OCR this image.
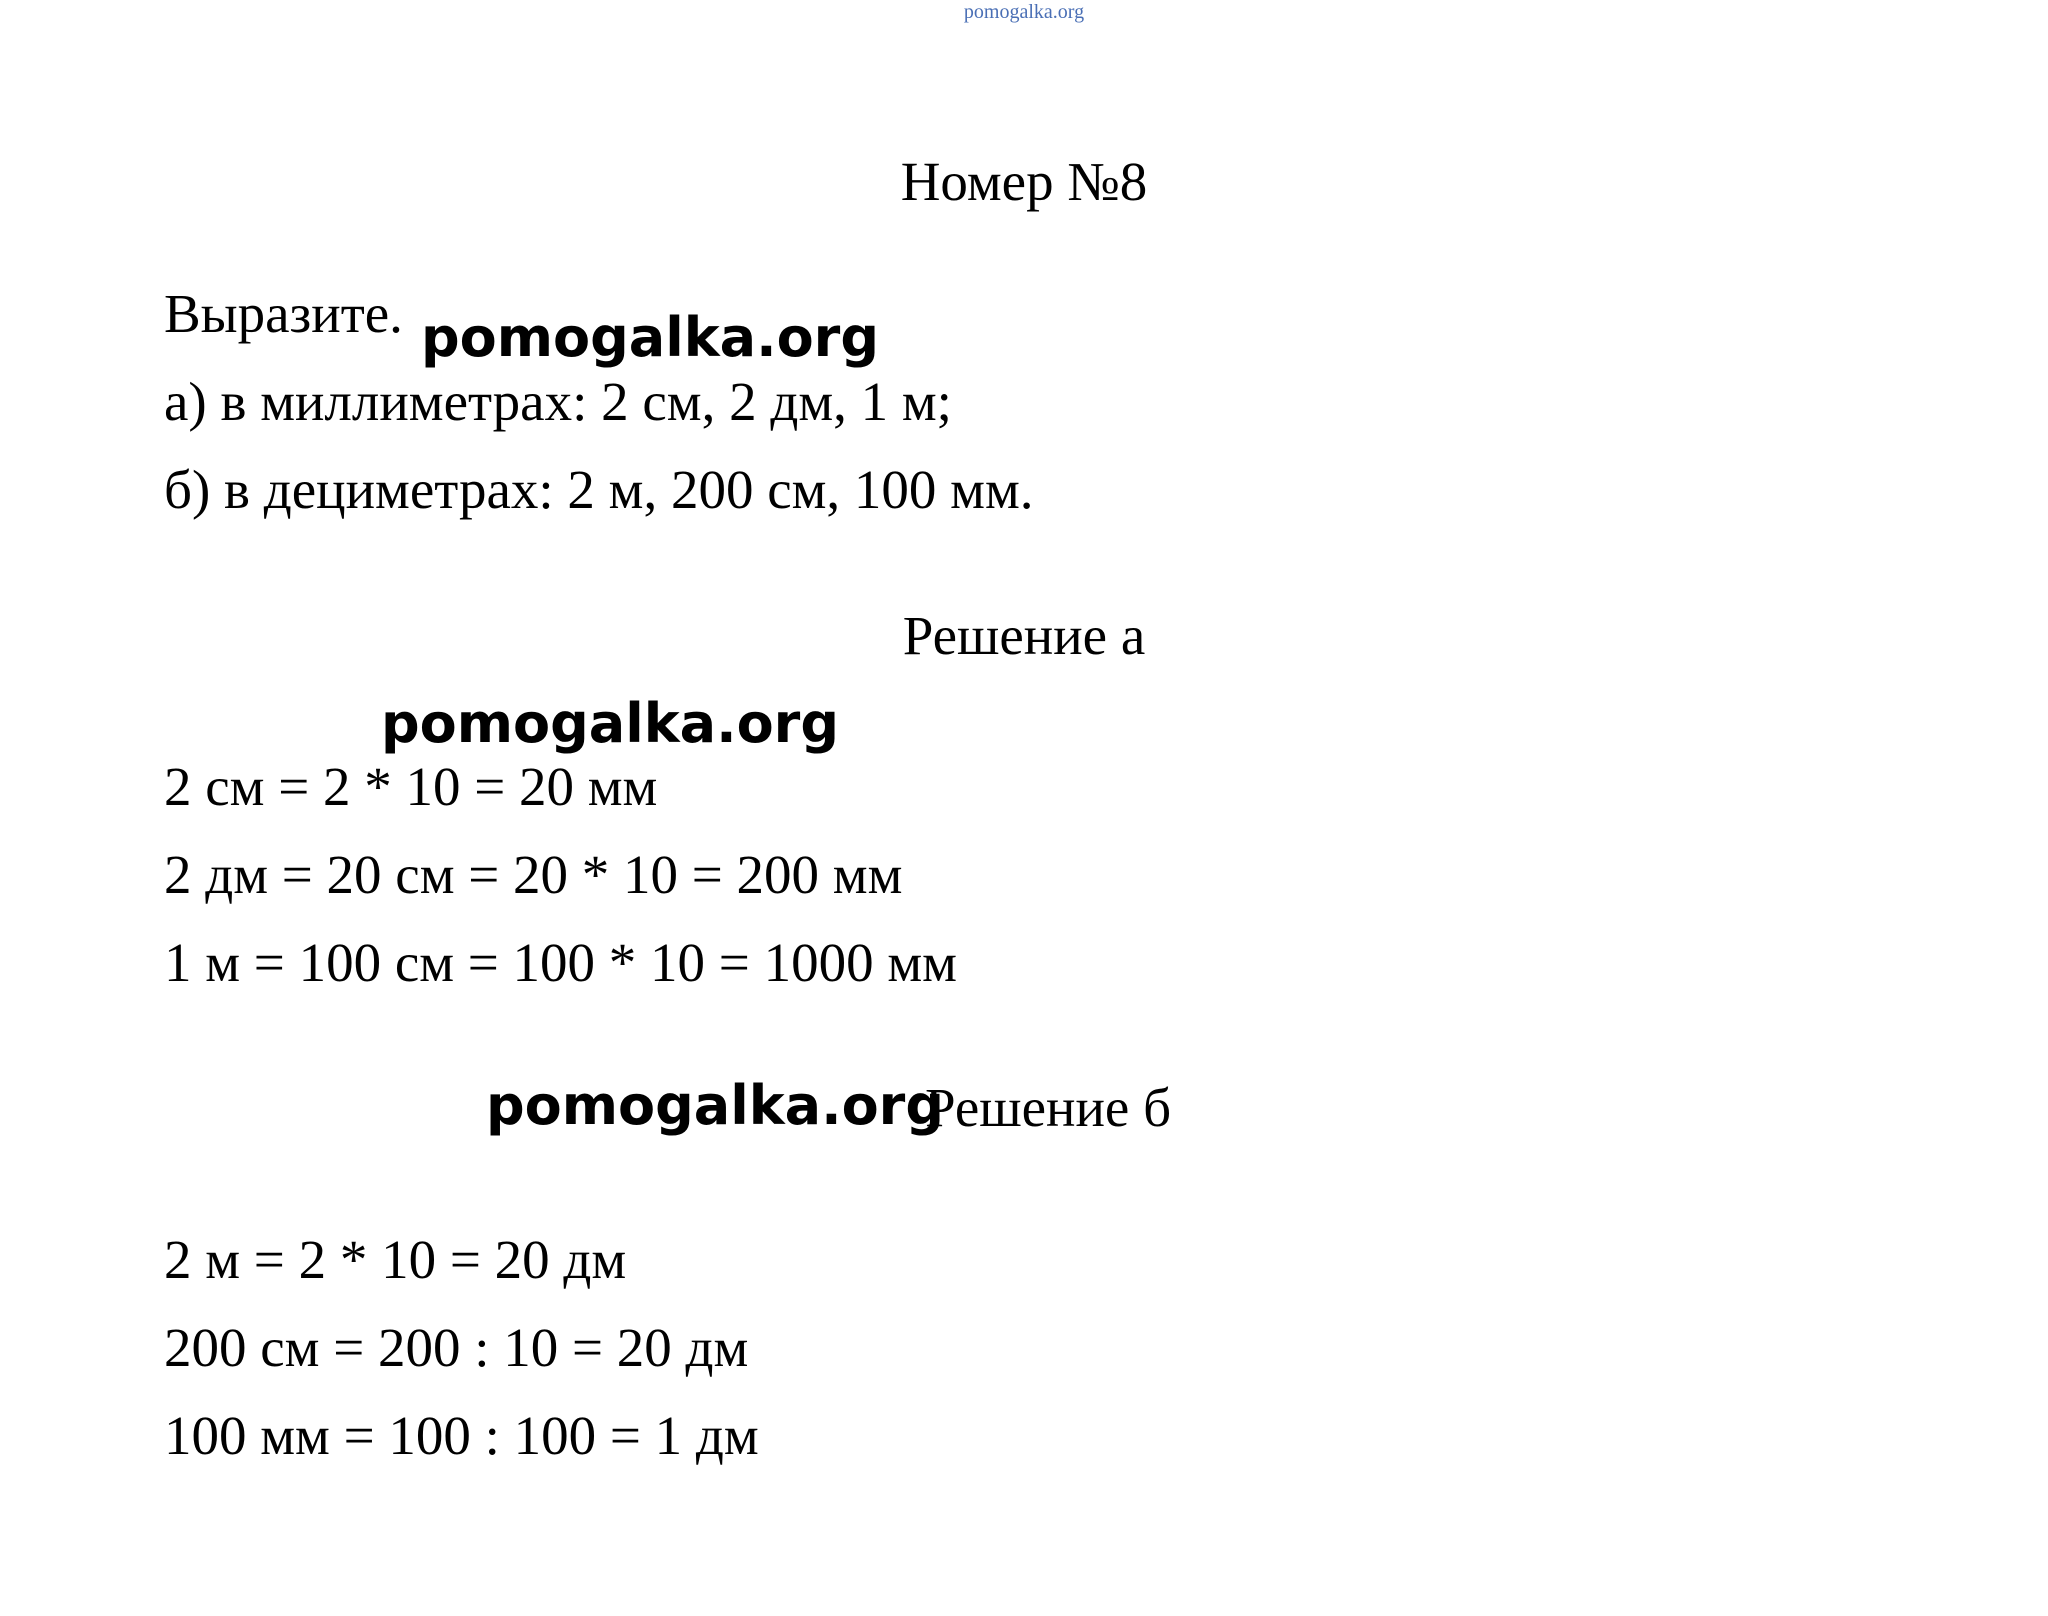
pomogalka.org
Номер №8
Выразите. pomogalka.org
а) в миллиметрах: 2 см, 2 дм, 1 м;
б) в дециметрах: 2 м, 200 см, 100 мм.
Решение а
pomogalka.org
2 см = 2 * 10 = 20 мм
2 дм = 20 см = 20 * 10 = 200 мм
1 м = 100 см = 100 * 10 = 1000 мм
pomogalka.org
Решение б
2 м = 2 * 10 = 20 дм
200 см = 200 : 10 = 20 дм
100 мм = 100 : 100 = 1 дм
